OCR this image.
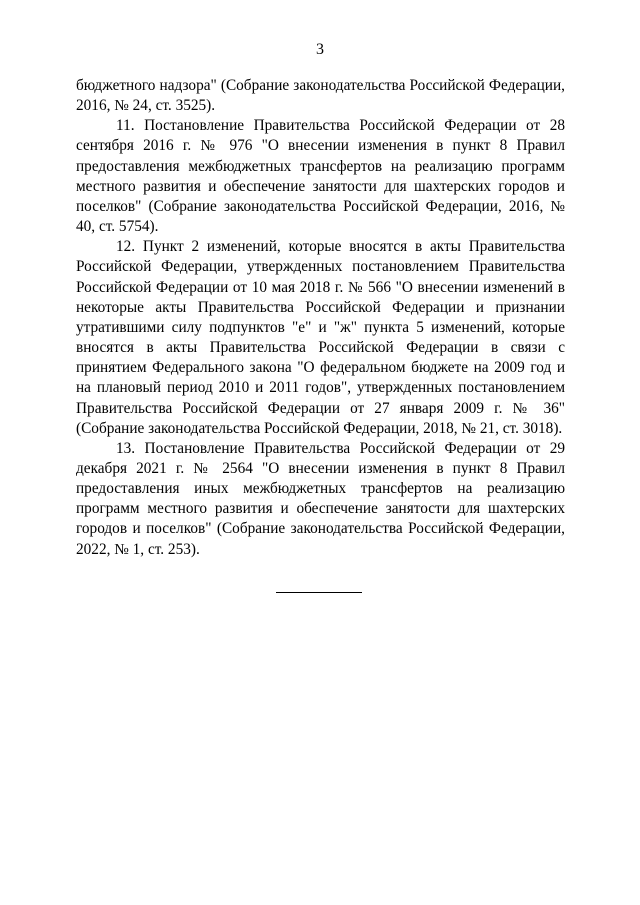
3

бюджетного надзора" (Собрание законодательства Российской Федерации, 2016, № 24, ст. 3525).

11. Постановление Правительства Российской Федерации от 28 сентября 2016 г. № 976 "О внесении изменения в пункт 8 Правил предоставления межбюджетных трансфертов на реализацию программ местного развития и обеспечение занятости для шахтерских городов и поселков" (Собрание законодательства Российской Федерации, 2016, № 40, ст. 5754).

12. Пункт 2 изменений, которые вносятся в акты Правительства Российской Федерации, утвержденных постановлением Правительства Российской Федерации от 10 мая 2018 г. № 566 "О внесении изменений в некоторые акты Правительства Российской Федерации и признании утратившими силу подпунктов "е" и "ж" пункта 5 изменений, которые вносятся в акты Правительства Российской Федерации в связи с принятием Федерального закона "О федеральном бюджете на 2009 год и на плановый период 2010 и 2011 годов", утвержденных постановлением Правительства Российской Федерации от 27 января 2009 г. № 36" (Собрание законодательства Российской Федерации, 2018, № 21, ст. 3018).

13. Постановление Правительства Российской Федерации от 29 декабря 2021 г. № 2564 "О внесении изменения в пункт 8 Правил предоставления иных межбюджетных трансфертов на реализацию программ местного развития и обеспечение занятости для шахтерских городов и поселков" (Собрание законодательства Российской Федерации, 2022, № 1, ст. 253).
